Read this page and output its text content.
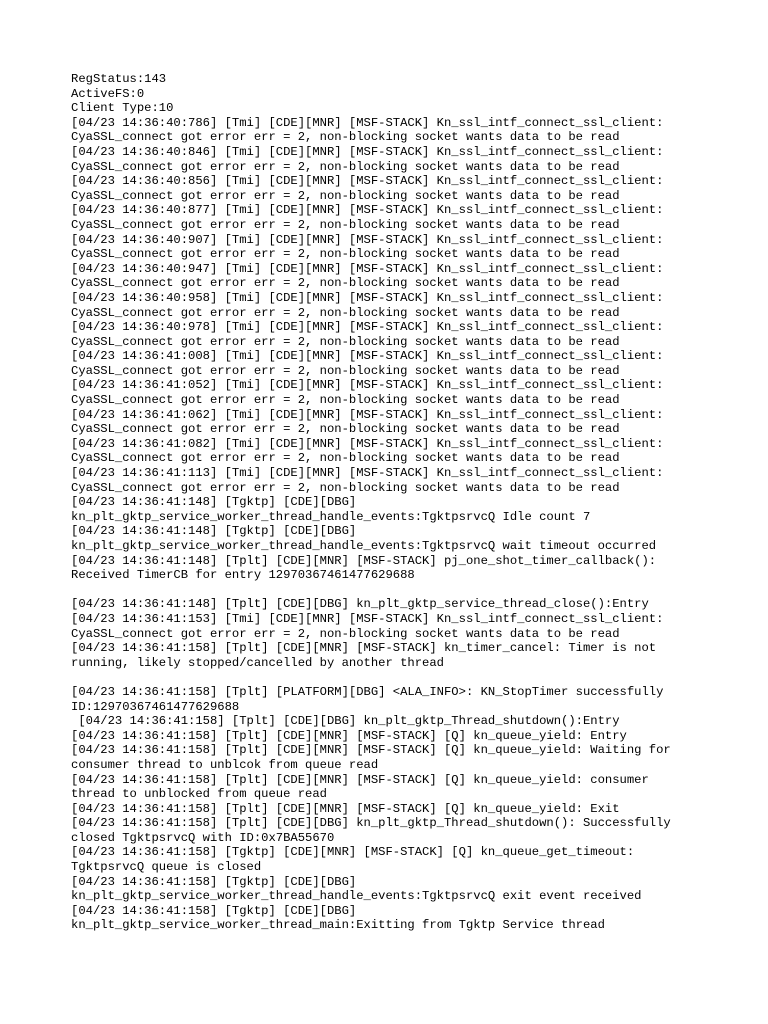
RegStatus:143
ActiveFS:0
Client Type:10
[04/23 14:36:40:786] [Tmi] [CDE][MNR] [MSF-STACK] Kn_ssl_intf_connect_ssl_client:
CyaSSL_connect got error err = 2, non-blocking socket wants data to be read
[04/23 14:36:40:846] [Tmi] [CDE][MNR] [MSF-STACK] Kn_ssl_intf_connect_ssl_client:
CyaSSL_connect got error err = 2, non-blocking socket wants data to be read
[04/23 14:36:40:856] [Tmi] [CDE][MNR] [MSF-STACK] Kn_ssl_intf_connect_ssl_client:
CyaSSL_connect got error err = 2, non-blocking socket wants data to be read
[04/23 14:36:40:877] [Tmi] [CDE][MNR] [MSF-STACK] Kn_ssl_intf_connect_ssl_client:
CyaSSL_connect got error err = 2, non-blocking socket wants data to be read
[04/23 14:36:40:907] [Tmi] [CDE][MNR] [MSF-STACK] Kn_ssl_intf_connect_ssl_client:
CyaSSL_connect got error err = 2, non-blocking socket wants data to be read
[04/23 14:36:40:947] [Tmi] [CDE][MNR] [MSF-STACK] Kn_ssl_intf_connect_ssl_client:
CyaSSL_connect got error err = 2, non-blocking socket wants data to be read
[04/23 14:36:40:958] [Tmi] [CDE][MNR] [MSF-STACK] Kn_ssl_intf_connect_ssl_client:
CyaSSL_connect got error err = 2, non-blocking socket wants data to be read
[04/23 14:36:40:978] [Tmi] [CDE][MNR] [MSF-STACK] Kn_ssl_intf_connect_ssl_client:
CyaSSL_connect got error err = 2, non-blocking socket wants data to be read
[04/23 14:36:41:008] [Tmi] [CDE][MNR] [MSF-STACK] Kn_ssl_intf_connect_ssl_client:
CyaSSL_connect got error err = 2, non-blocking socket wants data to be read
[04/23 14:36:41:052] [Tmi] [CDE][MNR] [MSF-STACK] Kn_ssl_intf_connect_ssl_client:
CyaSSL_connect got error err = 2, non-blocking socket wants data to be read
[04/23 14:36:41:062] [Tmi] [CDE][MNR] [MSF-STACK] Kn_ssl_intf_connect_ssl_client:
CyaSSL_connect got error err = 2, non-blocking socket wants data to be read
[04/23 14:36:41:082] [Tmi] [CDE][MNR] [MSF-STACK] Kn_ssl_intf_connect_ssl_client:
CyaSSL_connect got error err = 2, non-blocking socket wants data to be read
[04/23 14:36:41:113] [Tmi] [CDE][MNR] [MSF-STACK] Kn_ssl_intf_connect_ssl_client:
CyaSSL_connect got error err = 2, non-blocking socket wants data to be read
[04/23 14:36:41:148] [Tgktp] [CDE][DBG]
kn_plt_gktp_service_worker_thread_handle_events:TgktpsrvcQ Idle count 7
[04/23 14:36:41:148] [Tgktp] [CDE][DBG]
kn_plt_gktp_service_worker_thread_handle_events:TgktpsrvcQ wait timeout occurred
[04/23 14:36:41:148] [Tplt] [CDE][MNR] [MSF-STACK] pj_one_shot_timer_callback():
Received TimerCB for entry 12970367461477629688
[04/23 14:36:41:148] [Tplt] [CDE][DBG] kn_plt_gktp_service_thread_close():Entry
[04/23 14:36:41:153] [Tmi] [CDE][MNR] [MSF-STACK] Kn_ssl_intf_connect_ssl_client:
CyaSSL_connect got error err = 2, non-blocking socket wants data to be read
[04/23 14:36:41:158] [Tplt] [CDE][MNR] [MSF-STACK] kn_timer_cancel: Timer is not
running, likely stopped/cancelled by another thread
[04/23 14:36:41:158] [Tplt] [PLATFORM][DBG] <ALA_INFO>: KN_StopTimer successfully
ID:12970367461477629688
[04/23 14:36:41:158] [Tplt] [CDE][DBG] kn_plt_gktp_Thread_shutdown():Entry
[04/23 14:36:41:158] [Tplt] [CDE][MNR] [MSF-STACK] [Q] kn_queue_yield: Entry
[04/23 14:36:41:158] [Tplt] [CDE][MNR] [MSF-STACK] [Q] kn_queue_yield: Waiting for
consumer thread to unblcok from queue read
[04/23 14:36:41:158] [Tplt] [CDE][MNR] [MSF-STACK] [Q] kn_queue_yield: consumer
thread to unblocked from queue read
[04/23 14:36:41:158] [Tplt] [CDE][MNR] [MSF-STACK] [Q] kn_queue_yield: Exit
[04/23 14:36:41:158] [Tplt] [CDE][DBG] kn_plt_gktp_Thread_shutdown(): Successfully
closed TgktpsrvcQ with ID:0x7BA55670
[04/23 14:36:41:158] [Tgktp] [CDE][MNR] [MSF-STACK] [Q] kn_queue_get_timeout:
TgktpsrvcQ queue is closed
[04/23 14:36:41:158] [Tgktp] [CDE][DBG]
kn_plt_gktp_service_worker_thread_handle_events:TgktpsrvcQ exit event received
[04/23 14:36:41:158] [Tgktp] [CDE][DBG]
kn_plt_gktp_service_worker_thread_main:Exitting from Tgktp Service thread
